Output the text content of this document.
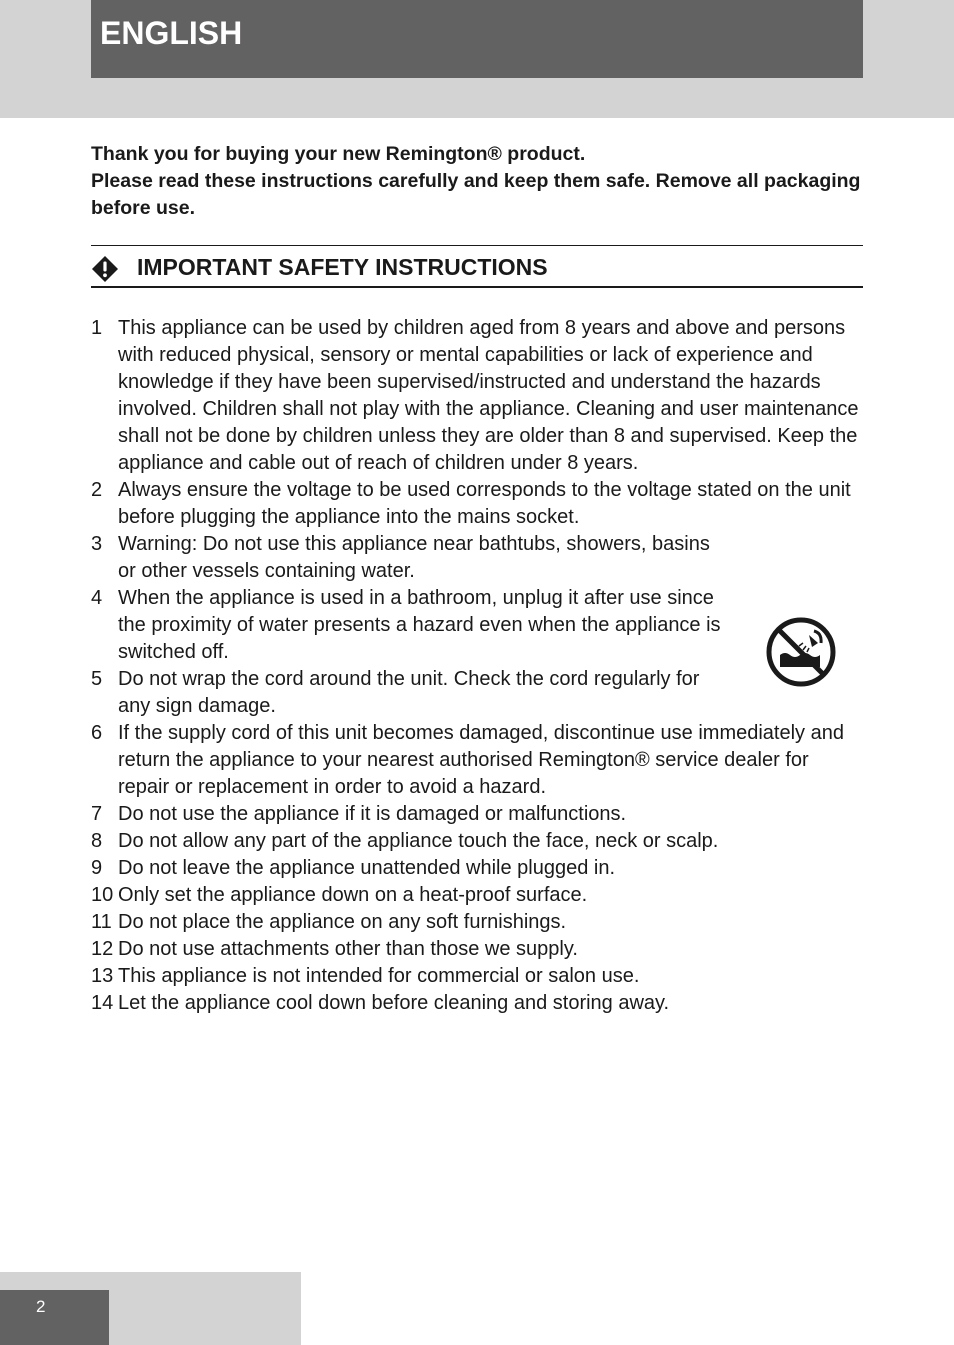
ENGLISH

Thank you for buying your new Remington® product.

Please read these instructions carefully and keep them safe. Remove all packaging before use.

IMPORTANT SAFETY INSTRUCTIONS
1 This appliance can be used by children aged from 8 years and above and persons with reduced physical, sensory or mental capabilities or lack of experience and knowledge if they have been supervised/instructed and understand the hazards involved. Children shall not play with the appliance. Cleaning and user maintenance shall not be done by children unless they are older than 8 and supervised. Keep the appliance and cable out of reach of children under 8 years.
2 Always ensure the voltage to be used corresponds to the voltage stated on the unit before plugging the appliance into the mains socket.
3 Warning: Do not use this appliance near bathtubs, showers, basins or other vessels containing water.
4 When the appliance is used in a bathroom, unplug it after use since the proximity of water presents a hazard even when the appliance is switched off.
5 Do not wrap the cord around the unit. Check the cord regularly for any sign damage.
6 If the supply cord of this unit becomes damaged, discontinue use immediately and return the appliance to your nearest authorised Remington® service dealer for repair or replacement in order to avoid a hazard.
7 Do not use the appliance if it is damaged or malfunctions.
8 Do not allow any part of the appliance touch the face, neck or scalp.
9 Do not leave the appliance unattended while plugged in.
10 Only set the appliance down on a heat-proof surface.
11 Do not place the appliance on any soft furnishings.
12 Do not use attachments other than those we supply.
13 This appliance is not intended for commercial or salon use.
14 Let the appliance cool down before cleaning and storing away.
2
